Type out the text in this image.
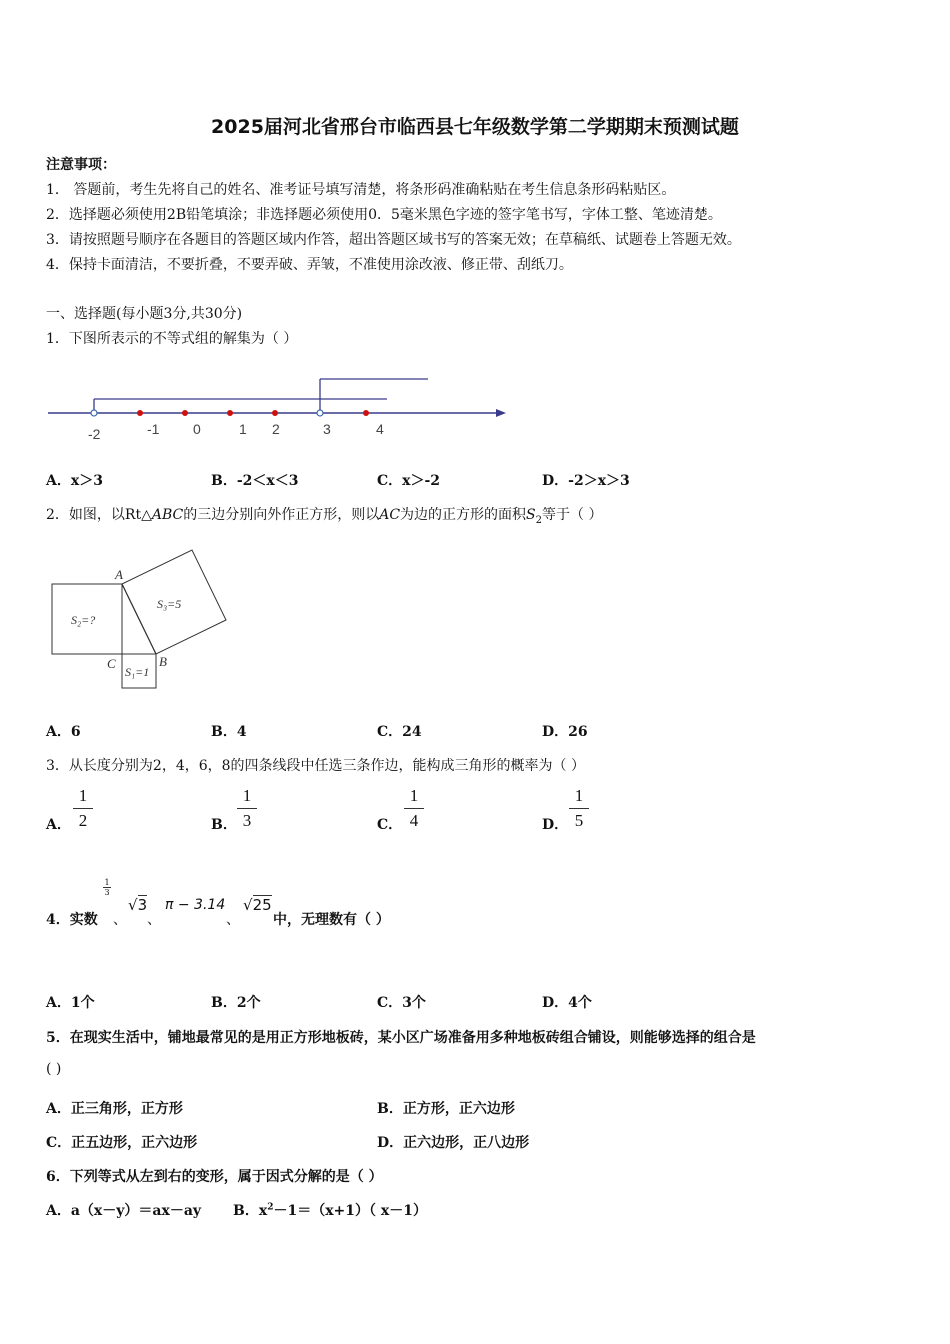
2025届河北省邢台市临西县七年级数学第二学期期末预测试题
注意事项：
1． 答题前，考生先将自己的姓名、准考证号填写清楚，将条形码准确粘贴在考生信息条形码粘贴区。
2．选择题必须使用2B铅笔填涂；非选择题必须使用0．5毫米黑色字迹的签字笔书写，字体工整、笔迹清楚。
3．请按照题号顺序在各题目的答题区域内作答，超出答题区域书写的答案无效；在草稿纸、试题卷上答题无效。
4．保持卡面清洁，不要折叠，不要弄破、弄皱，不准使用涂改液、修正带、刮纸刀。
一、选择题(每小题3分,共30分)
1．下图所表示的不等式组的解集为（ ）
-2	-1 0	1 2	3	4
A．x＞3	B．-2＜x＜3	C．x＞-2	D．-2＞x＞3
2．如图，以Rt△ABC的三边分别向外作正方形，则以AC为边的正方形的面积$S_2$等于（ ）
A
C	B
S₂=?
S₃=5
S₁=1
A．6	B．4	C．24	D．26
3．从长度分别为2，4，6，8的四条线段中任选三条作边，能构成三角形的概率为（ ）
A．
1
2	B．
1
3	C．
1
4	D．
1
5
4．实数
1
3
、
√3
、
π − 3.14
、
√25
中，无理数有（ ）
A．1个	B．2个	C．3个	D．4个
5．在现实生活中，铺地最常见的是用正方形地板砖，某小区广场准备用多种地板砖组合铺设，则能够选择的组合是
( )
A．正三角形，正方形	B．正方形，正六边形
C．正五边形，正六边形	D．正六边形，正八边形
6．下列等式从左到右的变形，属于因式分解的是（ ）
A．a（x－y）＝ax－ay B．$x^2-1=(x+1)$（ x－1）
